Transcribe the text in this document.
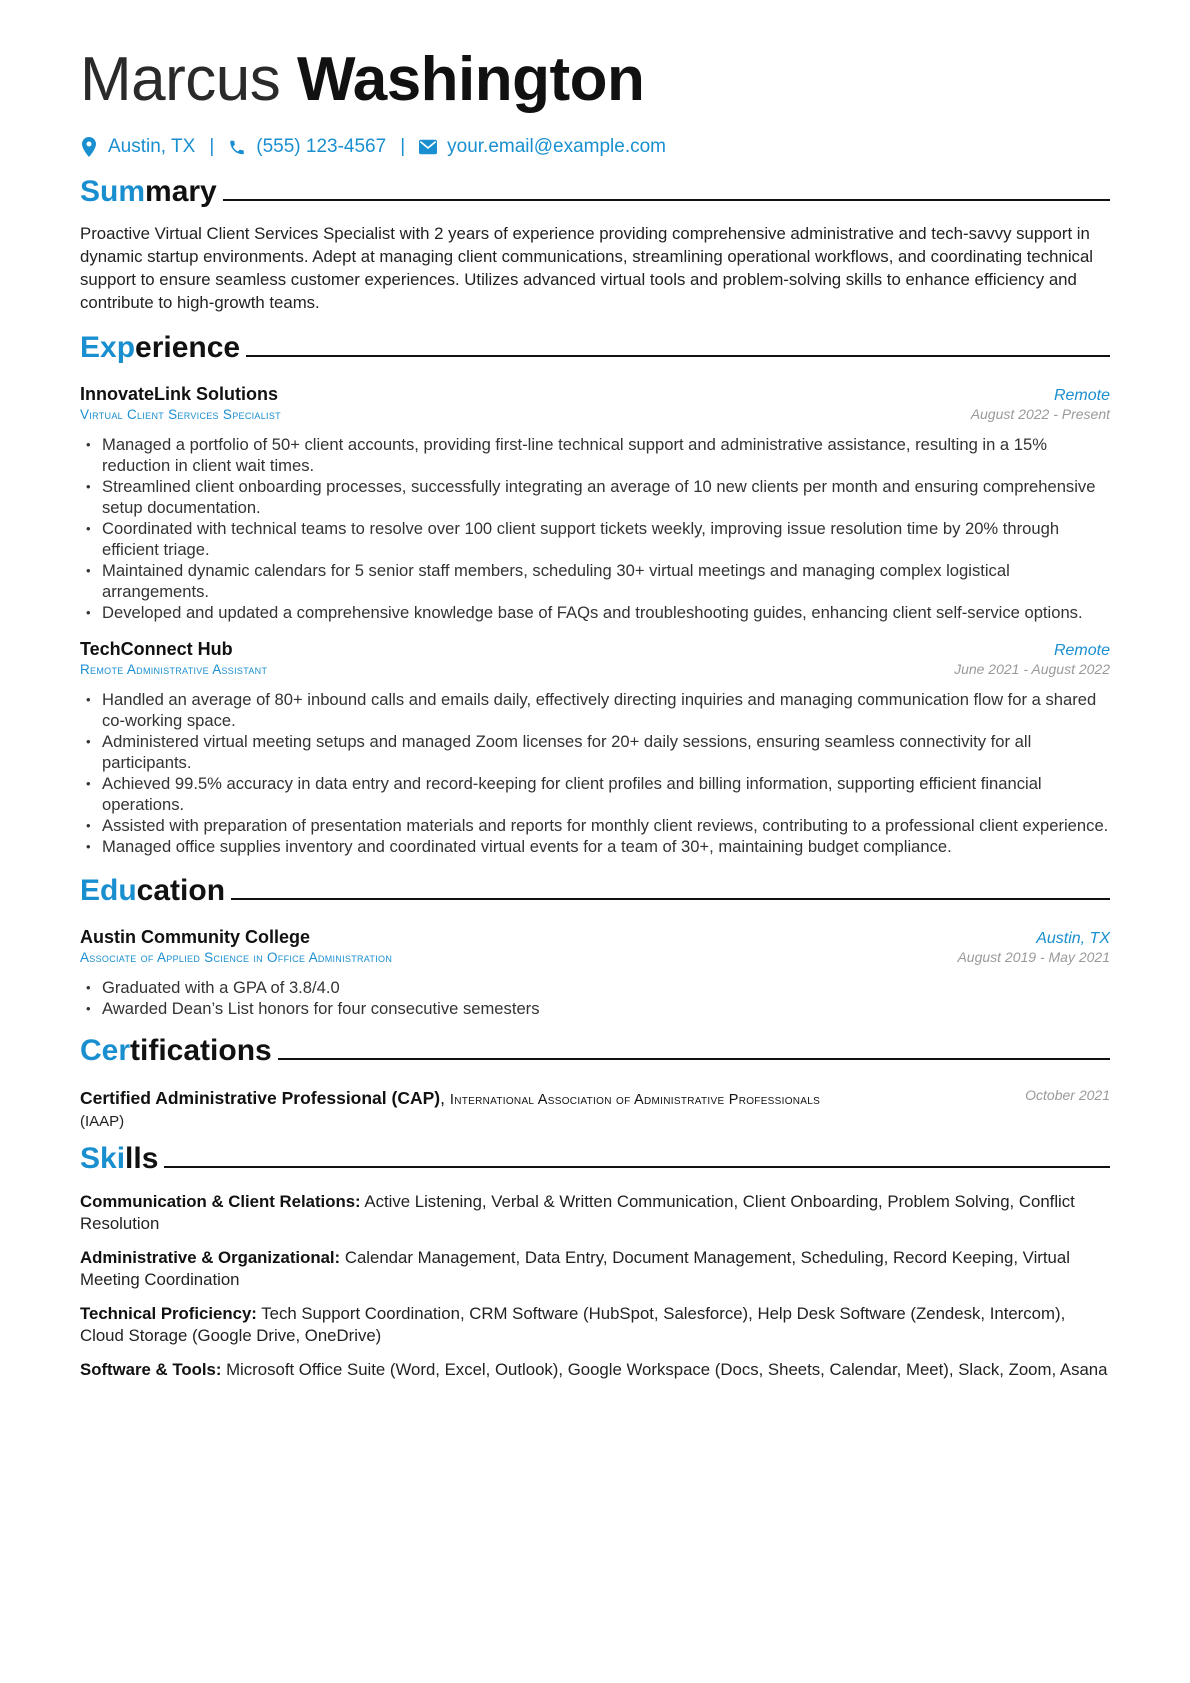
Marcus Washington
Austin, TX | (555) 123-4567 | your.email@example.com
Summary

Proactive Virtual Client Services Specialist with 2 years of experience providing comprehensive administrative and tech-savvy support in dynamic startup environments. Adept at managing client communications, streamlining operational workflows, and coordinating technical support to ensure seamless customer experiences. Utilizes advanced virtual tools and problem-solving skills to enhance efficiency and contribute to high-growth teams.

Experience
InnovateLink Solutions	Remote
Virtual Client Services Specialist	August 2022 - Present
• Managed a portfolio of 50+ client accounts, providing first-line technical support and administrative assistance, resulting in a 15% reduction in client wait times.
• Streamlined client onboarding processes, successfully integrating an average of 10 new clients per month and ensuring comprehensive setup documentation.
• Coordinated with technical teams to resolve over 100 client support tickets weekly, improving issue resolution time by 20% through efficient triage.
• Maintained dynamic calendars for 5 senior staff members, scheduling 30+ virtual meetings and managing complex logistical arrangements.
• Developed and updated a comprehensive knowledge base of FAQs and troubleshooting guides, enhancing client self-service options.
TechConnect Hub	Remote
Remote Administrative Assistant	June 2021 - August 2022
• Handled an average of 80+ inbound calls and emails daily, effectively directing inquiries and managing communication flow for a shared co-working space.
• Administered virtual meeting setups and managed Zoom licenses for 20+ daily sessions, ensuring seamless connectivity for all participants.
• Achieved 99.5% accuracy in data entry and record-keeping for client profiles and billing information, supporting efficient financial operations.
• Assisted with preparation of presentation materials and reports for monthly client reviews, contributing to a professional client experience.
• Managed office supplies inventory and coordinated virtual events for a team of 30+, maintaining budget compliance.
Education
Austin Community College	Austin, TX
Associate of Applied Science in Office Administration	August 2019 - May 2021
• Graduated with a GPA of 3.8/4.0
• Awarded Dean’s List honors for four consecutive semesters
Certifications
Certified Administrative Professional (CAP), International Association of Administrative Professionals
(IAAP)
October 2021
Skills
Communication & Client Relations: Active Listening, Verbal & Written Communication, Client Onboarding, Problem Solving, Conflict Resolution
Administrative & Organizational: Calendar Management, Data Entry, Document Management, Scheduling, Record Keeping, Virtual Meeting Coordination
Technical Proficiency: Tech Support Coordination, CRM Software (HubSpot, Salesforce), Help Desk Software (Zendesk, Intercom), Cloud Storage (Google Drive, OneDrive)
Software & Tools: Microsoft Office Suite (Word, Excel, Outlook), Google Workspace (Docs, Sheets, Calendar, Meet), Slack, Zoom, Asana
